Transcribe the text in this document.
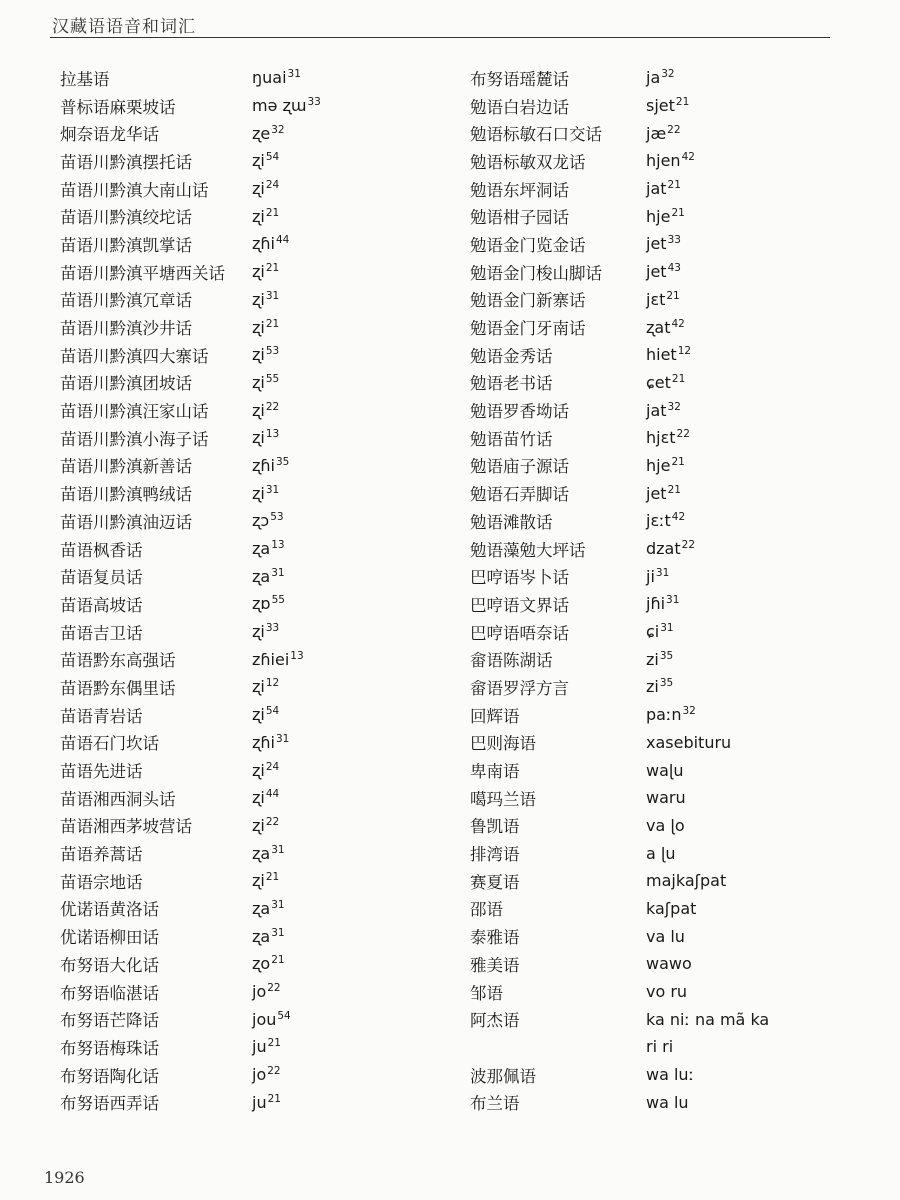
汉藏语语音和词汇
拉基语	ŋuai$^{31}$
普标语麻栗坡话	mə ʐɯ$^{33}$
炯奈语龙华话	ʐe$^{32}$
苗语川黔滇摆托话	ʐi$^{54}$
苗语川黔滇大南山话	ʐi$^{24}$
苗语川黔滇绞坨话	ʐi$^{21}$
苗语川黔滇凯掌话	ʐɦi$^{44}$
苗语川黔滇平塘西关话	ʐi$^{21}$
苗语川黔滇冗章话	ʐi$^{31}$
苗语川黔滇沙井话	ʐi$^{21}$
苗语川黔滇四大寨话	ʐi$^{53}$
苗语川黔滇团坡话	ʐi$^{55}$
苗语川黔滇汪家山话	ʐi$^{22}$
苗语川黔滇小海子话	ʐi$^{13}$
苗语川黔滇新善话	ʐɦi$^{35}$
苗语川黔滇鸭绒话	ʐi$^{31}$
苗语川黔滇油迈话	ʐɔ$^{53}$
苗语枫香话	ʐa$^{13}$
苗语复员话	ʐa$^{31}$
苗语高坡话	ʐɒ$^{55}$
苗语吉卫话	ʐi$^{33}$
苗语黔东高强话	zɦiei$^{13}$
苗语黔东偶里话	ʐi$^{12}$
苗语青岩话	ʐi$^{54}$
苗语石门坎话	ʐɦi$^{31}$
苗语先进话	ʐi$^{24}$
苗语湘西洞头话	ʐi$^{44}$
苗语湘西茅坡营话	ʐi$^{22}$
苗语养蒿话	ʐa$^{31}$
苗语宗地话	ʐi$^{21}$
优诺语黄洛话	ʐa$^{31}$
优诺语柳田话	ʐa$^{31}$
布努语大化话	ʐo$^{21}$
布努语临湛话	$jo^{22}$
布努语芒降话	jou$^{54}$
布努语梅珠话	$ju^{21}$
布努语陶化话	$jo^{22}$
布努语西弄话	$ju^{21}$
布努语瑶麓话	$ja^{32}$
勉语白岩边话	sjet$^{21}$
勉语标敏石口交话	$jæ^{22}$
勉语标敏双龙话	hjen$^{42}$
勉语东坪洞话	jat$^{21}$
勉语柑子园话	hje$^{21}$
勉语金门览金话	jet$^{33}$
勉语金门梭山脚话	jet$^{43}$
勉语金门新寨话	jɛt$^{21}$
勉语金门牙南话	ʐat$^{42}$
勉语金秀话	hiet$^{12}$
勉语老书话	ɕet$^{21}$
勉语罗香坳话	jat$^{32}$
勉语苗竹话	hjɛt$^{22}$
勉语庙子源话	hje$^{21}$
勉语石弄脚话	jet$^{21}$
勉语滩散话	jɛːt$^{42}$
勉语藻勉大坪话	dzat$^{22}$
巴哼语岑卜话	$ji^{31}$
巴哼语文界话	jɦi$^{31}$
巴哼语唔奈话	ɕi$^{31}$
畲语陈湖话	$zi^{35}$
畲语罗浮方言	$zi^{35}$
回辉语	paːn$^{32}$
巴则海语	xasebituru
卑南语	waɭu
噶玛兰语	waru
鲁凯语	va ɭo
排湾语	a ɭu
赛夏语	majkaʃpat
邵语	kaʃpat
泰雅语	va lu
雅美语	wawo
邹语	vo ru
阿杰语	ka niː na mã ka
ri ri
波那佩语	wa luː
布兰语	wa lu
1926
